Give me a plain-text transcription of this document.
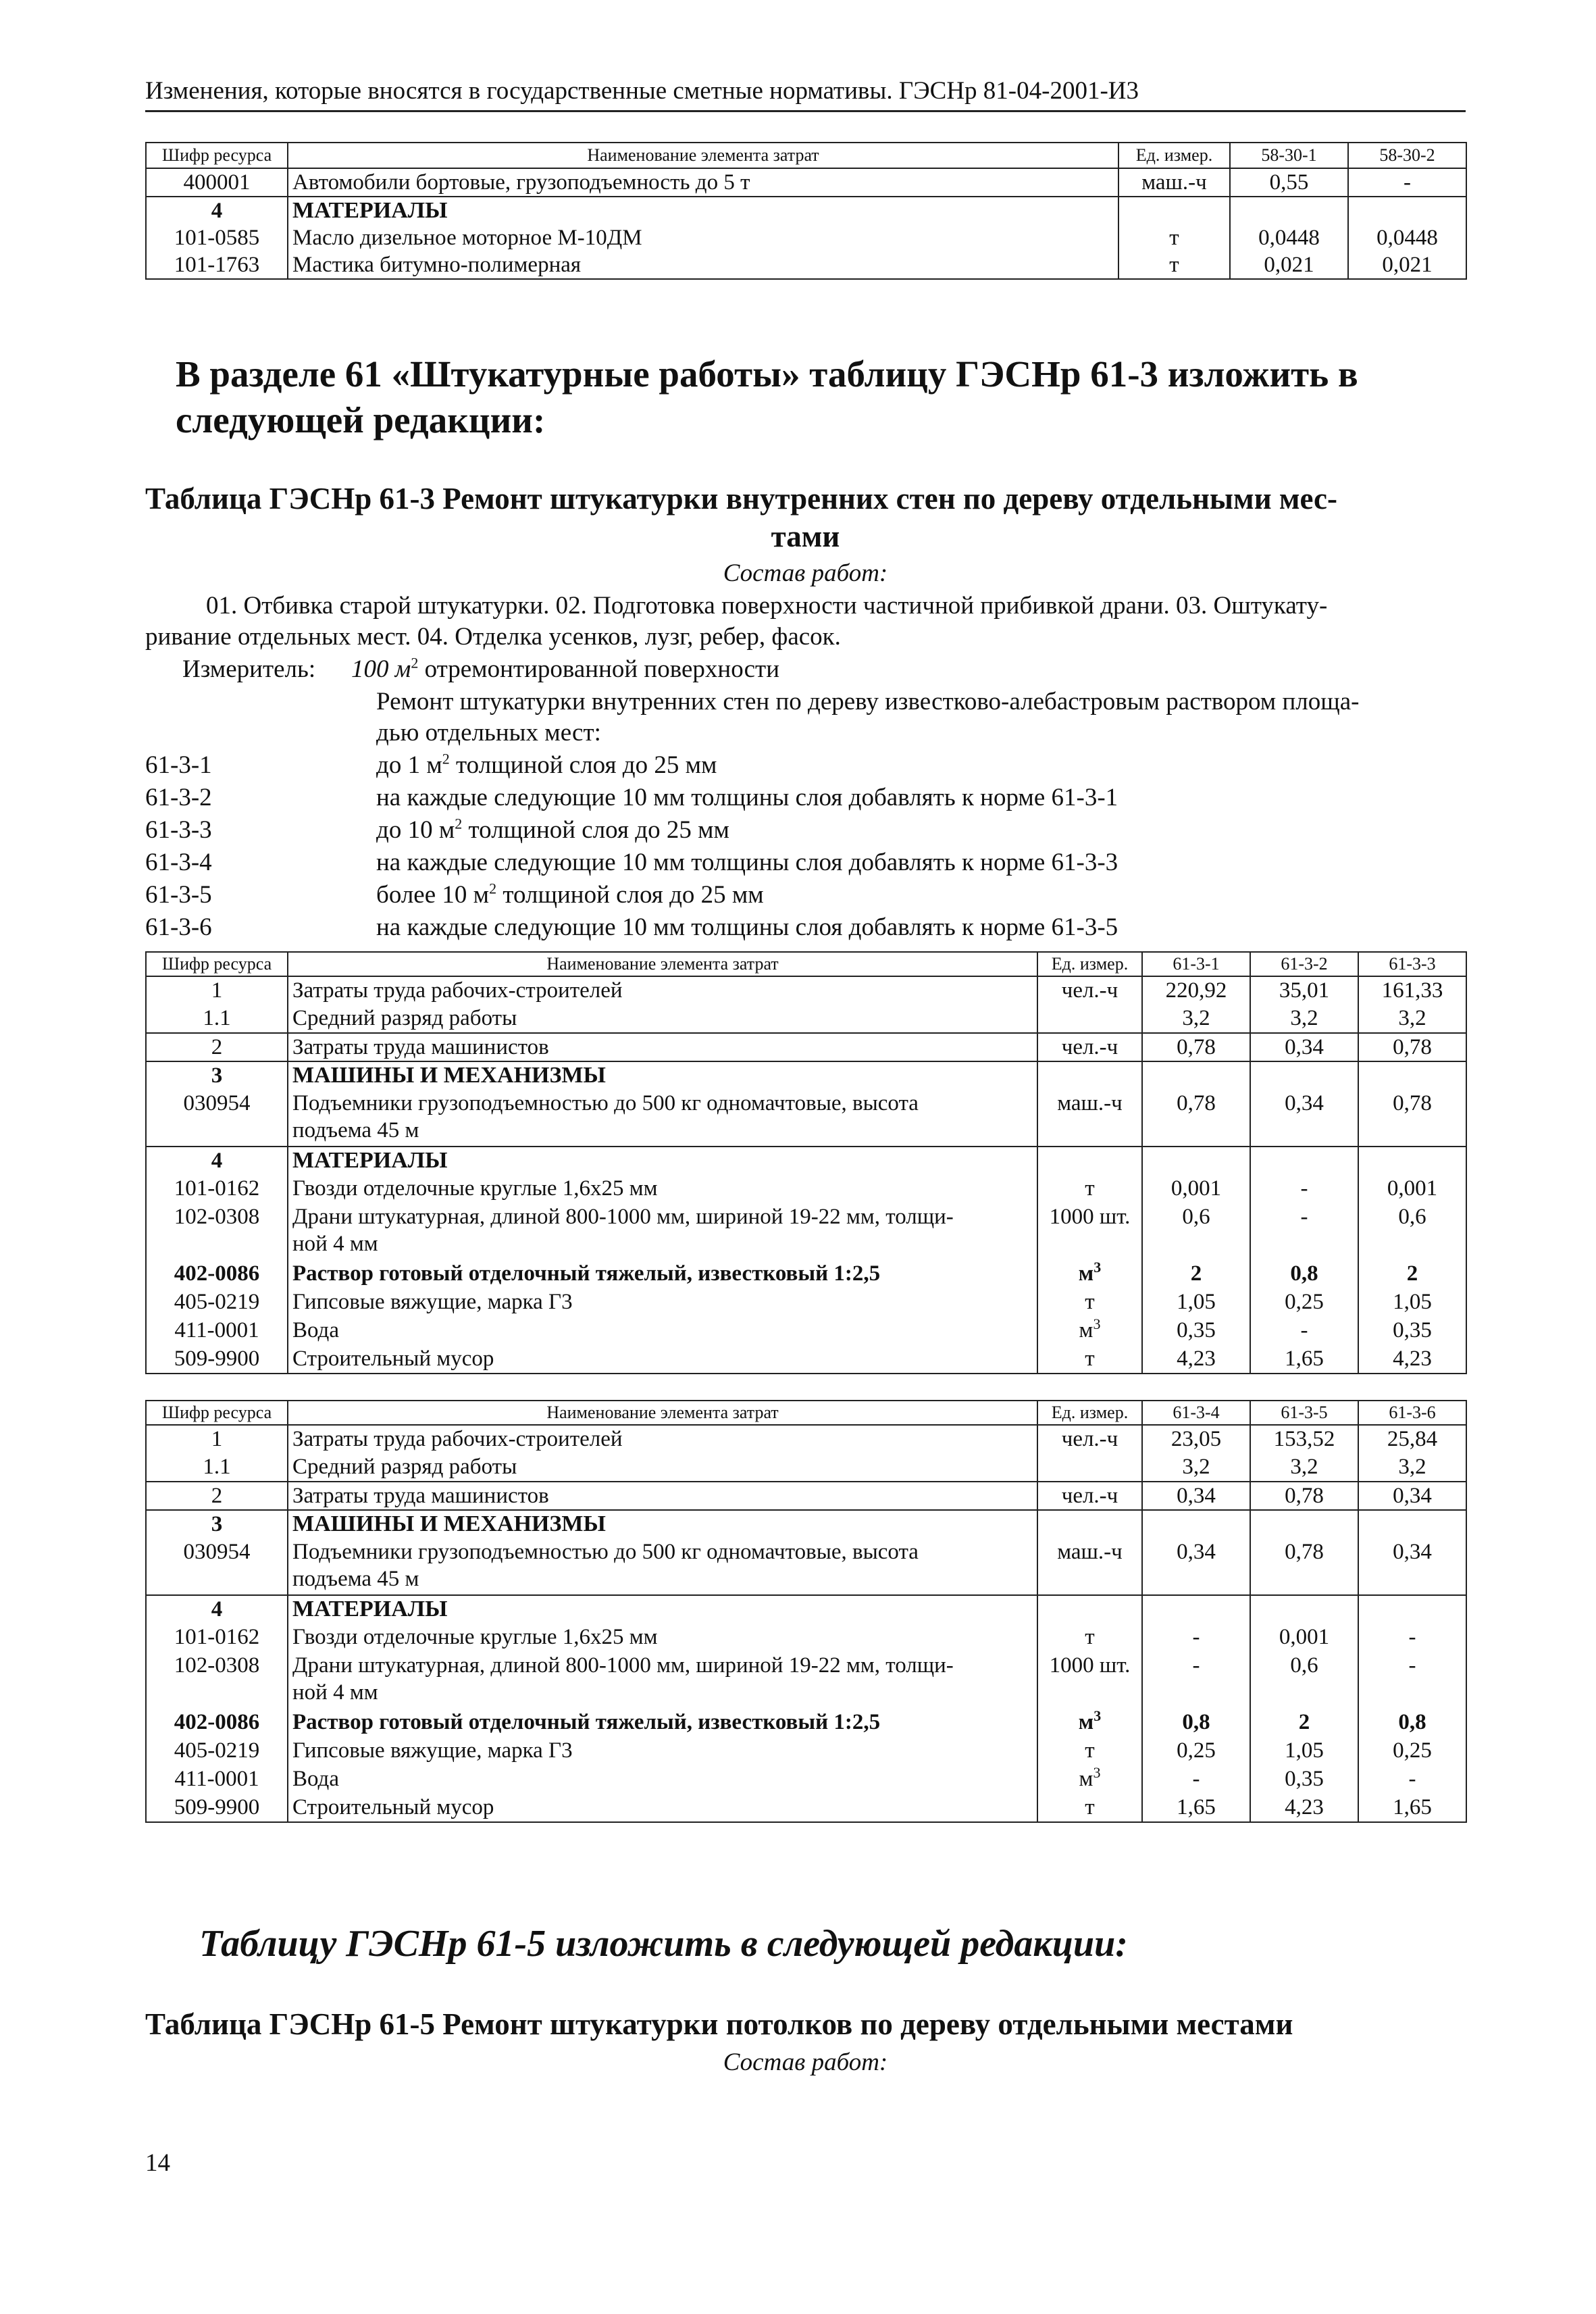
Изменения, которые вносятся в государственные сметные нормативы. ГЭСНр 81-04-2001-И3
Шифр ресурса	Наименование элемента затрат	Ед. измер.	58-30-1	58-30-2
400001	Автомобили бортовые, грузоподъемность до 5 т	маш.-ч	0,55	-
4	МАТЕРИАЛЫ			
101-0585	Масло дизельное моторное М-10ДМ	т	0,0448	0,0448
101-1763	Мастика битумно-полимерная	т	0,021	0,021
В разделе 61 «Штукатурные работы» таблицу ГЭСНр 61-3 изложить в следующей редакции:
Таблица ГЭСНр 61-3 Ремонт штукатурки внутренних стен по дереву отдельными мес-
тами
Состав работ:
01. Отбивка старой штукатурки. 02. Подготовка поверхности частичной прибивкой драни. 03. Оштукату-
ривание отдельных мест. 04. Отделка усенков, лузг, ребер, фасок.
Измеритель: 100 $м^2$ отремонтированной поверхности
Ремонт штукатурки внутренних стен по дереву известково-алебастровым раствором площа-
дью отдельных мест:
61-3-1	до 1 $м^2$ толщиной слоя до 25 мм
61-3-2	на каждые следующие 10 мм толщины слоя добавлять к норме 61-3-1
61-3-3	до 10 $м^2$ толщиной слоя до 25 мм
61-3-4	на каждые следующие 10 мм толщины слоя добавлять к норме 61-3-3
61-3-5	более 10 $м^2$ толщиной слоя до 25 мм
61-3-6	на каждые следующие 10 мм толщины слоя добавлять к норме 61-3-5
Шифр ресурса	Наименование элемента затрат	Ед. измер.	61-3-1	61-3-2	61-3-3
1	Затраты труда рабочих-строителей	чел.-ч	220,92	35,01	161,33
1.1	Средний разряд работы		3,2	3,2	3,2
2	Затраты труда машинистов	чел.-ч	0,78	0,34	0,78
3	МАШИНЫ И МЕХАНИЗМЫ				
030954	Подъемники грузоподъемностью до 500 кг одномачтовые, высота
подъема 45 м	маш.-ч	0,78	0,34	0,78
4	МАТЕРИАЛЫ				
101-0162	Гвозди отделочные круглые 1,6х25 мм	т	0,001	-	0,001
102-0308	Драни штукатурная, длиной 800-1000 мм, шириной 19-22 мм, толщи-
ной 4 мм	1000 шт.	0,6	-	0,6
402-0086	Раствор готовый отделочный тяжелый, известковый 1:2,5	$м^3$	2	0,8	2
405-0219	Гипсовые вяжущие, марка Г3	т	1,05	0,25	1,05
411-0001	Вода	$м^3$	0,35	-	0,35
509-9900	Строительный мусор	т	4,23	1,65	4,23
Шифр ресурса	Наименование элемента затрат	Ед. измер.	61-3-4	61-3-5	61-3-6
1	Затраты труда рабочих-строителей	чел.-ч	23,05	153,52	25,84
1.1	Средний разряд работы		3,2	3,2	3,2
2	Затраты труда машинистов	чел.-ч	0,34	0,78	0,34
3	МАШИНЫ И МЕХАНИЗМЫ				
030954	Подъемники грузоподъемностью до 500 кг одномачтовые, высота
подъема 45 м	маш.-ч	0,34	0,78	0,34
4	МАТЕРИАЛЫ				
101-0162	Гвозди отделочные круглые 1,6х25 мм	т	-	0,001	-
102-0308	Драни штукатурная, длиной 800-1000 мм, шириной 19-22 мм, толщи-
ной 4 мм	1000 шт.	-	0,6	-
402-0086	Раствор готовый отделочный тяжелый, известковый 1:2,5	$м^3$	0,8	2	0,8
405-0219	Гипсовые вяжущие, марка Г3	т	0,25	1,05	0,25
411-0001	Вода	$м^3$	-	0,35	-
509-9900	Строительный мусор	т	1,65	4,23	1,65
Таблицу ГЭСНр 61-5 изложить в следующей редакции:
Таблица ГЭСНр 61-5 Ремонт штукатурки потолков по дереву отдельными местами
Состав работ:
14
